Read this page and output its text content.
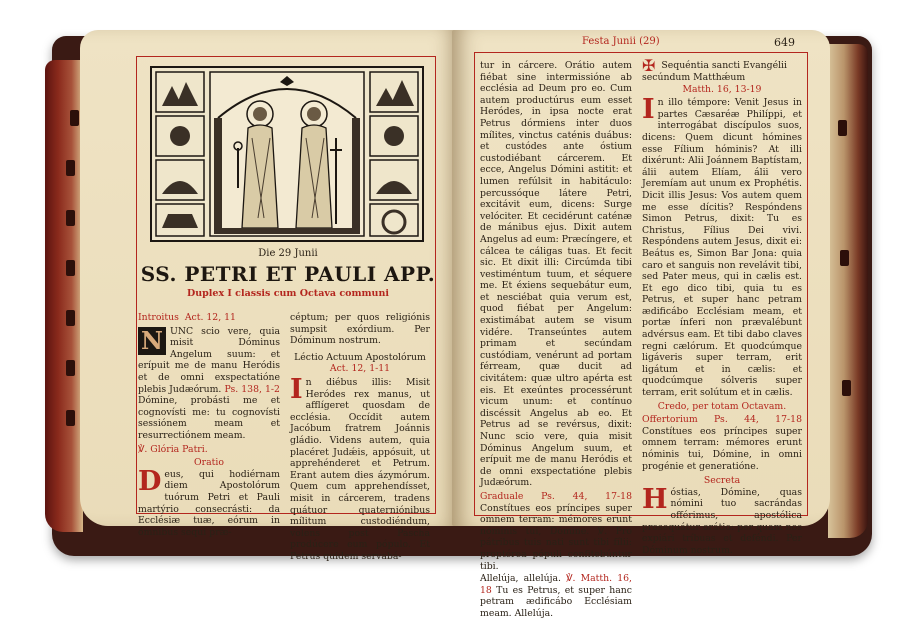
Die 29 Junii
SS. PETRI ET PAULI APP.
Duplex I classis cum Octava communi
Introitus Act. 12, 11
N UNC scio vere, quia misit Dóminus Angelum suum: et erípuit me de manu Heródis et de omni exspectatióne plebis Judæórum. Ps. 138, 1-2 Dómine, probásti me et cognovísti me: tu cognovísti sessiónem meam et resurrectiónem meam.
℣. Glória Patri.
Oratio
D eus, qui hodiérnam diem Apostolórum tuórum Petri et Pauli martýrio consecrásti: da Ecclésiæ tuæ, eórum in ómnibus sequi præ-
céptum; per quos religiónis sumpsit exórdium. Per Dóminum nostrum.
Léctio Actuum Apostolórum
Act. 12, 1-11
I n diébus illis: Misit Heródes rex manus, ut afflígeret quosdam de ecclésia. Occídit autem Jacóbum fratrem Joánnis gládio. Videns autem, quia placéret Judǽis, appósuit, ut apprehénderet et Petrum. Erant autem dies ázymórum. Quem cum apprehendísset, misit in cárcerem, tradens quátuor quaterniónibus mílitum custodiéndum, volens post Pascha prodúcere eum pópulo. Et Petrus quidem servabá-
Festa Junii (29)	649
tur in cárcere. Orátio autem fiébat sine intermissióne ab ecclésia ad Deum pro eo. Cum autem productúrus eum esset Heródes, in ipsa nocte erat Petrus dórmiens inter duos mílites, vinctus caténis duábus: et custódes ante óstium custodiébant cárcerem. Et ecce, Angelus Dómini astitit: et lumen refúlsit in habitáculo: percussóque látere Petri, excitávit eum, dicens: Surge velóciter. Et cecidérunt caténæ de mánibus ejus. Dixit autem Angelus ad eum: Præcíngere, et cálcea te cáligas tuas. Et fecit sic. Et dixit illi: Circúmda tibi vestiméntum tuum, et séquere me. Et éxiens sequebátur eum, et nesciébat quia verum est, quod fiébat per Angelum: existimábat autem se visum vidére. Transeúntes autem primam et secúndam custódiam, venérunt ad portam férream, quæ ducit ad civitátem: quæ ultro apérta est eis. Et exeúntes processérunt vicum unum: et contínuo discéssit Angelus ab eo. Et Petrus ad se revérsus, dixit: Nunc scio vere, quia misit Dóminus Angelum suum, et erípuit me de manu Heródis et de omni exspectatióne plebis Judæórum.
Graduale Ps. 44, 17-18 Constítues eos príncipes super omnem terram: mémores erunt nóminis tui, Dómine. ℣. Pro pátribus tuis nati sunt tibi fílii: proptérea pópuli confitebúntur tibi.
Allelúja, allelúja. ℣. Matth. 16, 18 Tu es Petrus, et super hanc petram ædificábo Ecclésiam meam. Allelúja.
✠ Sequéntia sancti Evangélii secúndum Matthǽum
Matth. 16, 13-19
I n illo témpore: Venit Jesus in partes Cæsaréæ Philíppi, et interrogábat discípulos suos, dicens: Quem dicunt hómines esse Fílium hóminis? At illi dixérunt: Alii Joánnem Baptístam, álii autem Elíam, álii vero Jeremíam aut unum ex Prophétis. Dicit illis Jesus: Vos autem quem me esse dícitis? Respóndens Simon Petrus, dixit: Tu es Christus, Fílius Dei vivi. Respóndens autem Jesus, dixit ei: Beátus es, Simon Bar Jona: quia caro et sanguis non revelávit tibi, sed Pater meus, qui in cælis est. Et ego dico tibi, quia tu es Petrus, et super hanc petram ædificábo Ecclésiam meam, et portæ ínferi non prævalébunt advérsus eam. Et tibi dabo claves regni cælórum. Et quodcúmque ligáveris super terram, erit ligátum et in cælis: et quodcúmque sólveris super terram, erit solútum et in cælis.
Credo, per totam Octavam.
Offertorium Ps. 44, 17-18 Constítues eos príncipes super omnem terram: mémores erunt nóminis tui, Dómine, in omni progénie et generatióne.
Secreta
H óstias, Dómine, quas nómini tuo sacrándas offérimus, apostólica prosequátur orátio: per quam nos expiári tríbuas et deféndi. Per Dóminum nostrum.
